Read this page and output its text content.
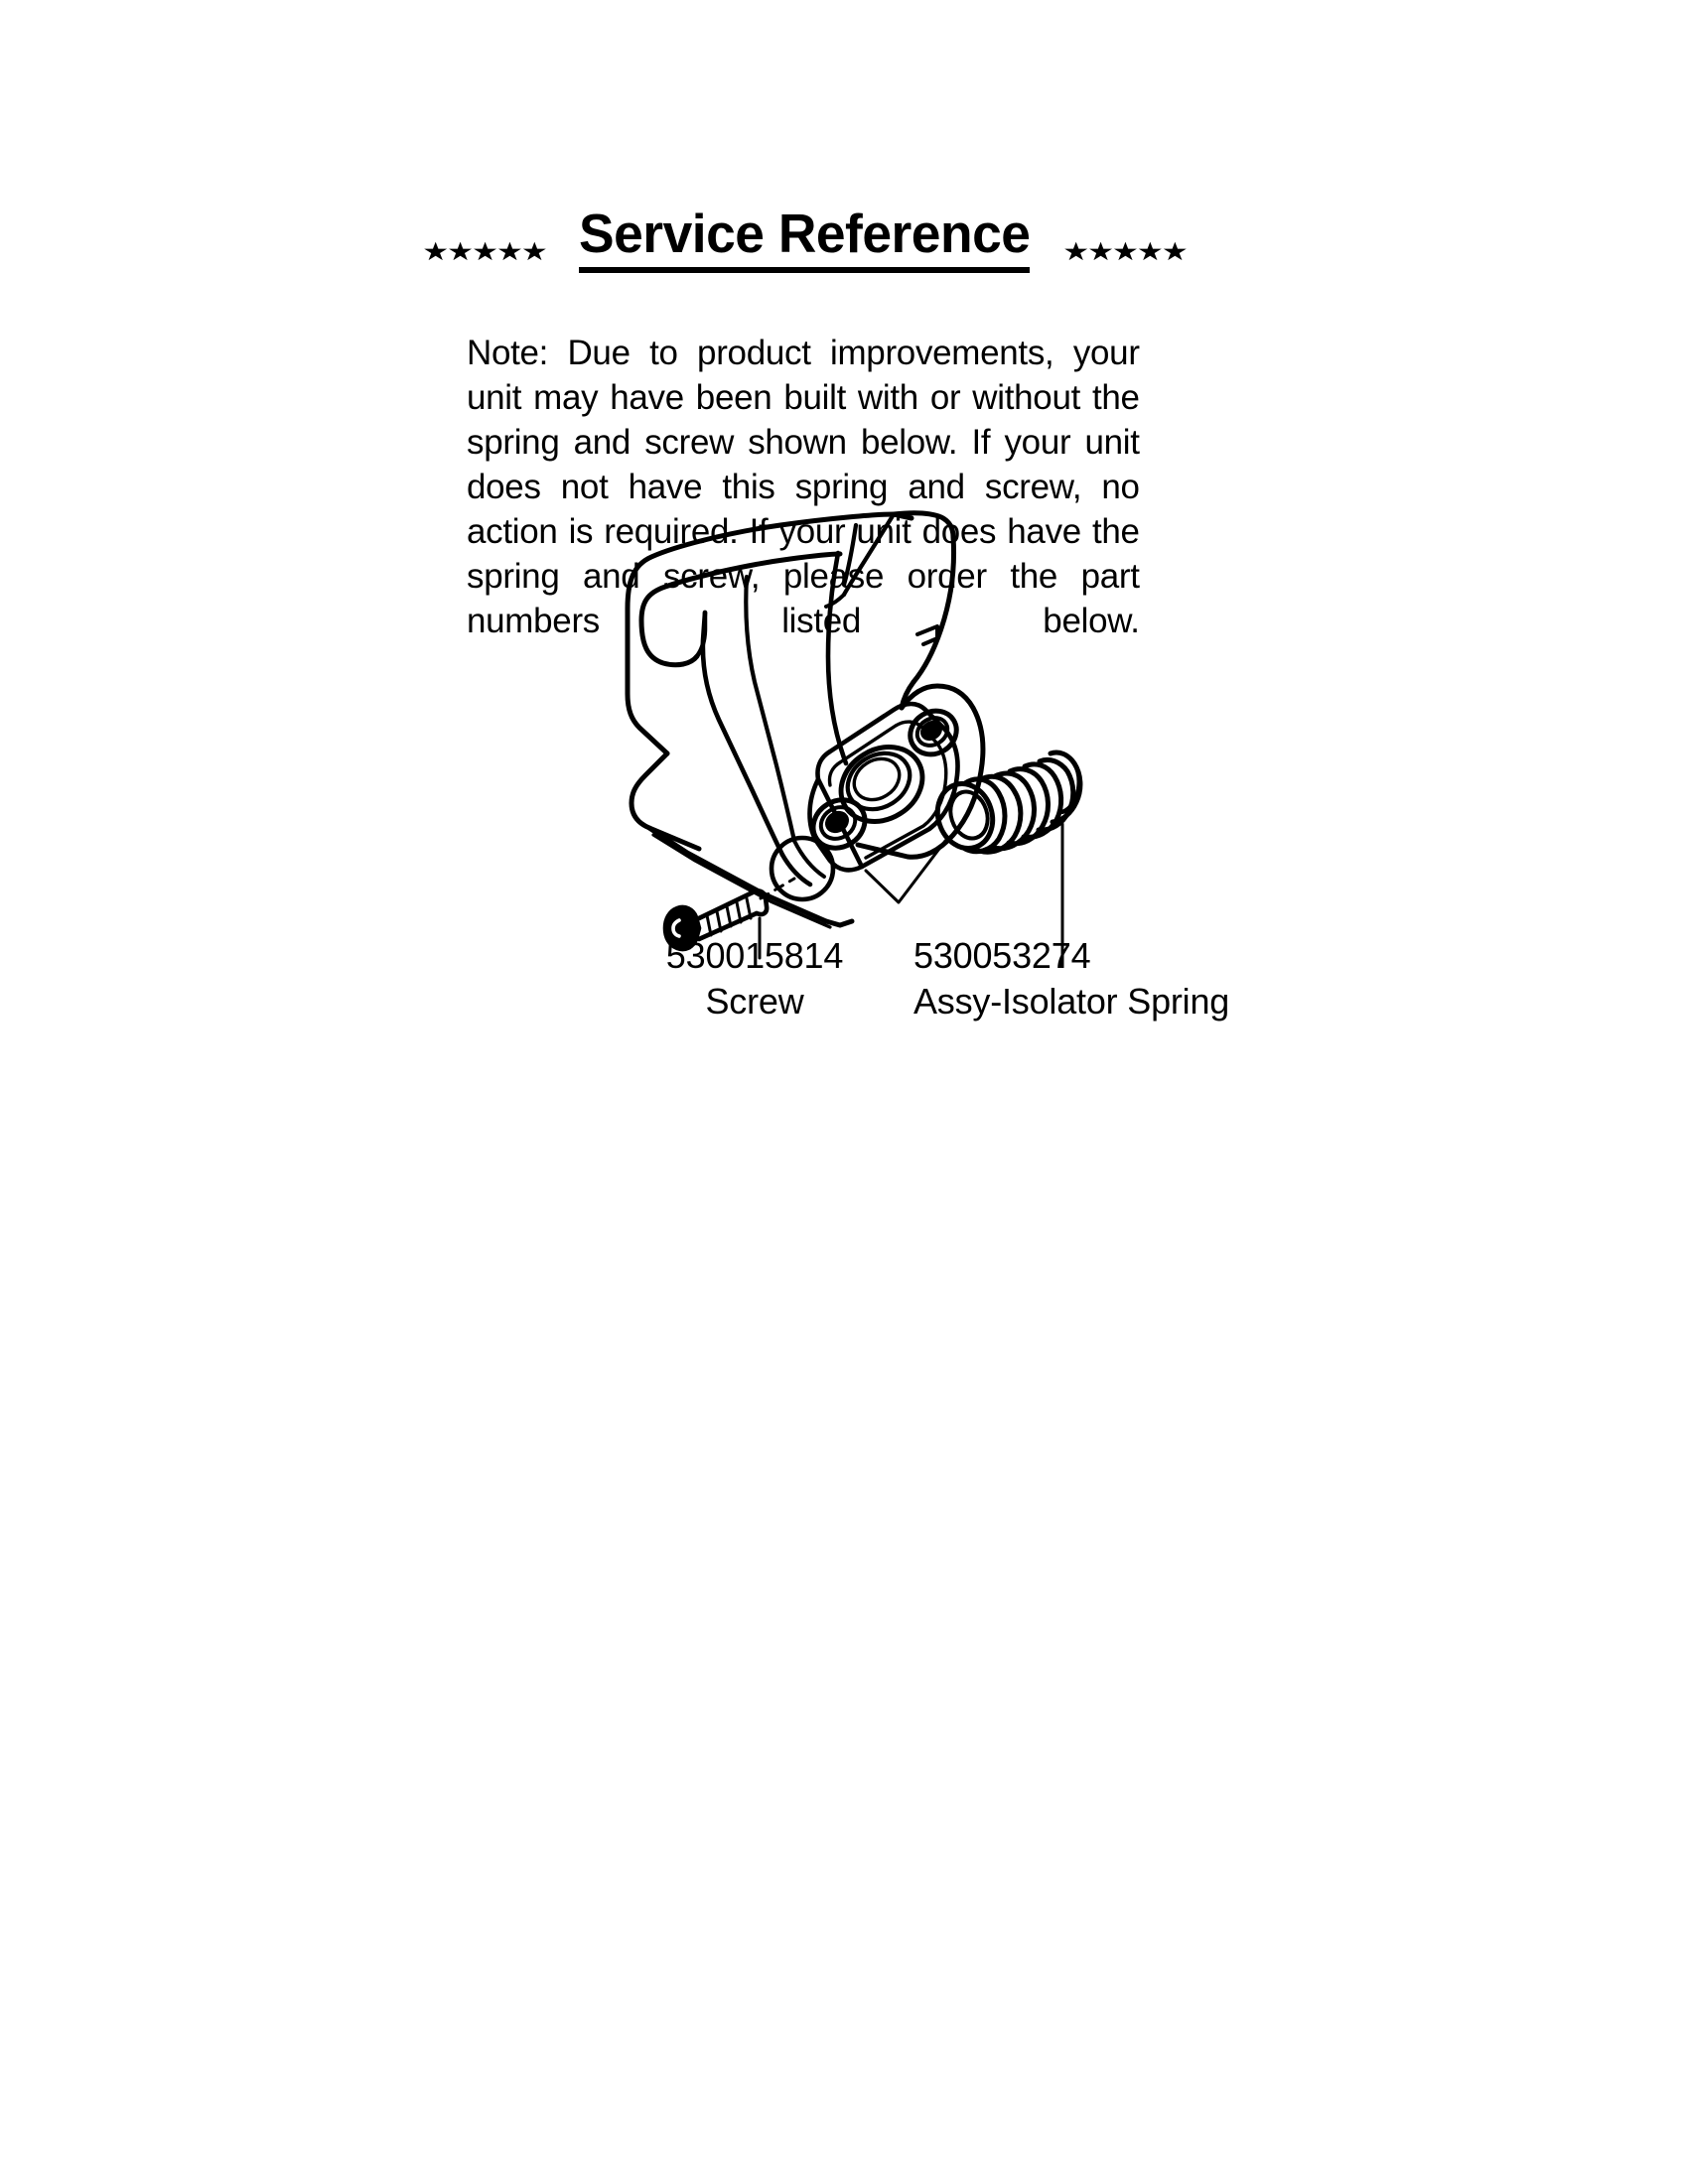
★★★★★ Service Reference ★★★★★

Note: Due to product improvements, your unit may have been built with or without the spring and screw shown below. If your unit does not have this spring and screw, no action is required. If your unit does have the spring and screw, please order the part numbers listed below.

530015814
Screw
530053274
Assy-Isolator Spring
